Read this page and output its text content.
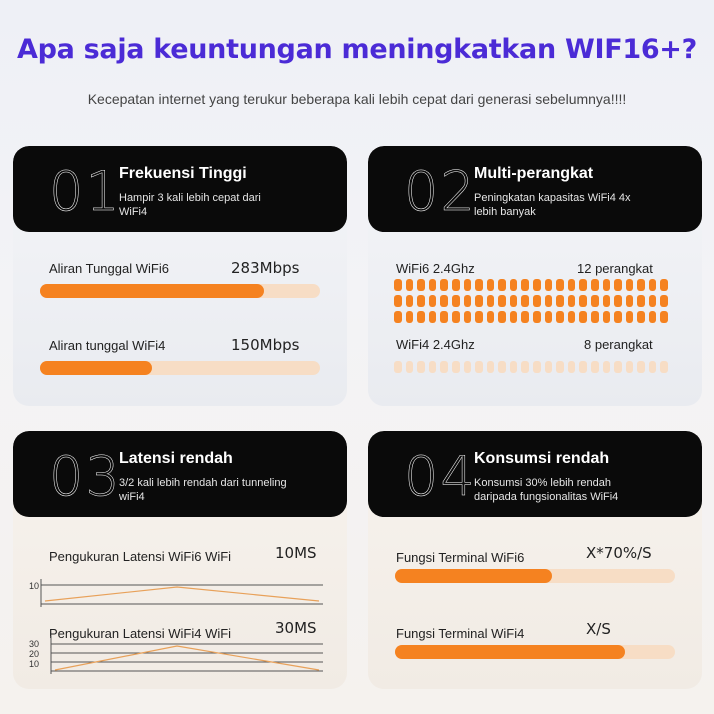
Apa saja keuntungan meningkatkan WIF16+?
Kecepatan internet yang terukur beberapa kali lebih cepat dari generasi sebelumnya!!!!
01
Frekuensi Tinggi
Hampir 3 kali lebih cepat dari WiFi4
Aliran Tunggal WiFi6	283Mbps
Aliran tunggal WiFi4	150Mbps
02
Multi-perangkat
Peningkatan kapasitas WiFi4 4x lebih banyak
WiFi6 2.4Ghz	12 perangkat
WiFi4 2.4Ghz	8 perangkat
03
Latensi rendah
3/2 kali lebih rendah dari tunneling wiFi4
Pengukuran Latensi WiFi6 WiFi	10MS
10
Pengukuran Latensi WiFi4 WiFi	30MS
30
20
10
04
Konsumsi rendah
Konsumsi 30% lebih rendah daripada fungsionalitas WiFi4
Fungsi Terminal WiFi6	X*70%/S
Fungsi Terminal WiFi4	X/S
